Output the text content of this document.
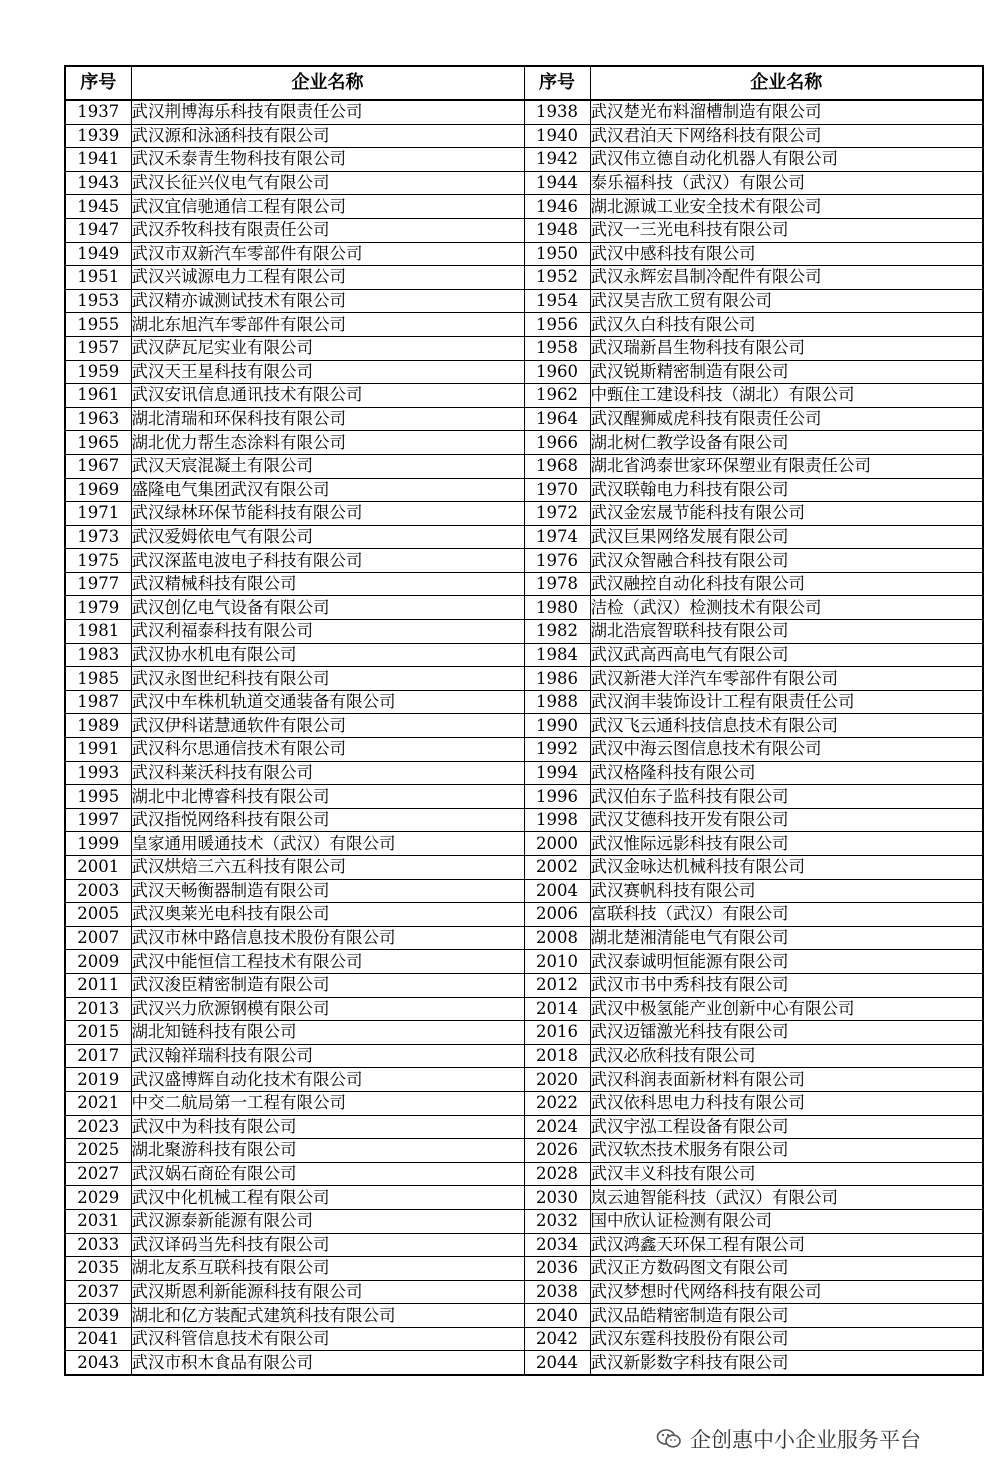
序号	企业名称	序号	企业名称
1937	武汉荆博海乐科技有限责任公司	1938	武汉楚光布料溜槽制造有限公司
1939	武汉源和泳涵科技有限公司	1940	武汉君泊天下网络科技有限公司
1941	武汉禾泰青生物科技有限公司	1942	武汉伟立德自动化机器人有限公司
1943	武汉长征兴仪电气有限公司	1944	泰乐福科技（武汉）有限公司
1945	武汉宜信驰通信工程有限公司	1946	湖北源诚工业安全技术有限公司
1947	武汉乔牧科技有限责任公司	1948	武汉一三光电科技有限公司
1949	武汉市双新汽车零部件有限公司	1950	武汉中感科技有限公司
1951	武汉兴诚源电力工程有限公司	1952	武汉永辉宏昌制冷配件有限公司
1953	武汉精亦诚测试技术有限公司	1954	武汉昊吉欣工贸有限公司
1955	湖北东旭汽车零部件有限公司	1956	武汉久白科技有限公司
1957	武汉萨瓦尼实业有限公司	1958	武汉瑞新昌生物科技有限公司
1959	武汉天王星科技有限公司	1960	武汉锐斯精密制造有限公司
1961	武汉安讯信息通讯技术有限公司	1962	中甄住工建设科技（湖北）有限公司
1963	湖北清瑞和环保科技有限公司	1964	武汉醒狮威虎科技有限责任公司
1965	湖北优力帮生态涂料有限公司	1966	湖北树仁教学设备有限公司
1967	武汉天宸混凝土有限公司	1968	湖北省鸿泰世家环保塑业有限责任公司
1969	盛隆电气集团武汉有限公司	1970	武汉联翰电力科技有限公司
1971	武汉绿林环保节能科技有限公司	1972	武汉金宏晟节能科技有限公司
1973	武汉爱姆依电气有限公司	1974	武汉巨果网络发展有限公司
1975	武汉深蓝电波电子科技有限公司	1976	武汉众智融合科技有限公司
1977	武汉精械科技有限公司	1978	武汉融控自动化科技有限公司
1979	武汉创亿电气设备有限公司	1980	洁检（武汉）检测技术有限公司
1981	武汉利福泰科技有限公司	1982	湖北浩宸智联科技有限公司
1983	武汉协水机电有限公司	1984	武汉武高西高电气有限公司
1985	武汉永图世纪科技有限公司	1986	武汉新港大洋汽车零部件有限公司
1987	武汉中车株机轨道交通装备有限公司	1988	武汉润丰装饰设计工程有限责任公司
1989	武汉伊科诺慧通软件有限公司	1990	武汉飞云通科技信息技术有限公司
1991	武汉科尔思通信技术有限公司	1992	武汉中海云图信息技术有限公司
1993	武汉科莱沃科技有限公司	1994	武汉格隆科技有限公司
1995	湖北中北博睿科技有限公司	1996	武汉伯东子监科技有限公司
1997	武汉指悦网络科技有限公司	1998	武汉艾德科技开发有限公司
1999	皇家通用暖通技术（武汉）有限公司	2000	武汉惟际远影科技有限公司
2001	武汉烘焙三六五科技有限公司	2002	武汉金咏达机械科技有限公司
2003	武汉天畅衡器制造有限公司	2004	武汉赛帆科技有限公司
2005	武汉奥莱光电科技有限公司	2006	富联科技（武汉）有限公司
2007	武汉市林中路信息技术股份有限公司	2008	湖北楚湘清能电气有限公司
2009	武汉中能恒信工程技术有限公司	2010	武汉泰诚明恒能源有限公司
2011	武汉浚臣精密制造有限公司	2012	武汉市书中秀科技有限公司
2013	武汉兴力欣源钢模有限公司	2014	武汉中极氢能产业创新中心有限公司
2015	湖北知链科技有限公司	2016	武汉迈镭激光科技有限公司
2017	武汉翰祥瑞科技有限公司	2018	武汉必欣科技有限公司
2019	武汉盛博辉自动化技术有限公司	2020	武汉科润表面新材料有限公司
2021	中交二航局第一工程有限公司	2022	武汉依科思电力科技有限公司
2023	武汉中为科技有限公司	2024	武汉宇泓工程设备有限公司
2025	湖北聚游科技有限公司	2026	武汉软杰技术服务有限公司
2027	武汉娲石商砼有限公司	2028	武汉丰义科技有限公司
2029	武汉中化机械工程有限公司	2030	岚云迪智能科技（武汉）有限公司
2031	武汉源泰新能源有限公司	2032	国中欣认证检测有限公司
2033	武汉译码当先科技有限公司	2034	武汉鸿鑫天环保工程有限公司
2035	湖北友系互联科技有限公司	2036	武汉正方数码图文有限公司
2037	武汉斯恩利新能源科技有限公司	2038	武汉梦想时代网络科技有限公司
2039	湖北和亿方装配式建筑科技有限公司	2040	武汉品皓精密制造有限公司
2041	武汉科管信息技术有限公司	2042	武汉东霆科技股份有限公司
2043	武汉市积木食品有限公司	2044	武汉新影数字科技有限公司
企创惠中小企业服务平台
